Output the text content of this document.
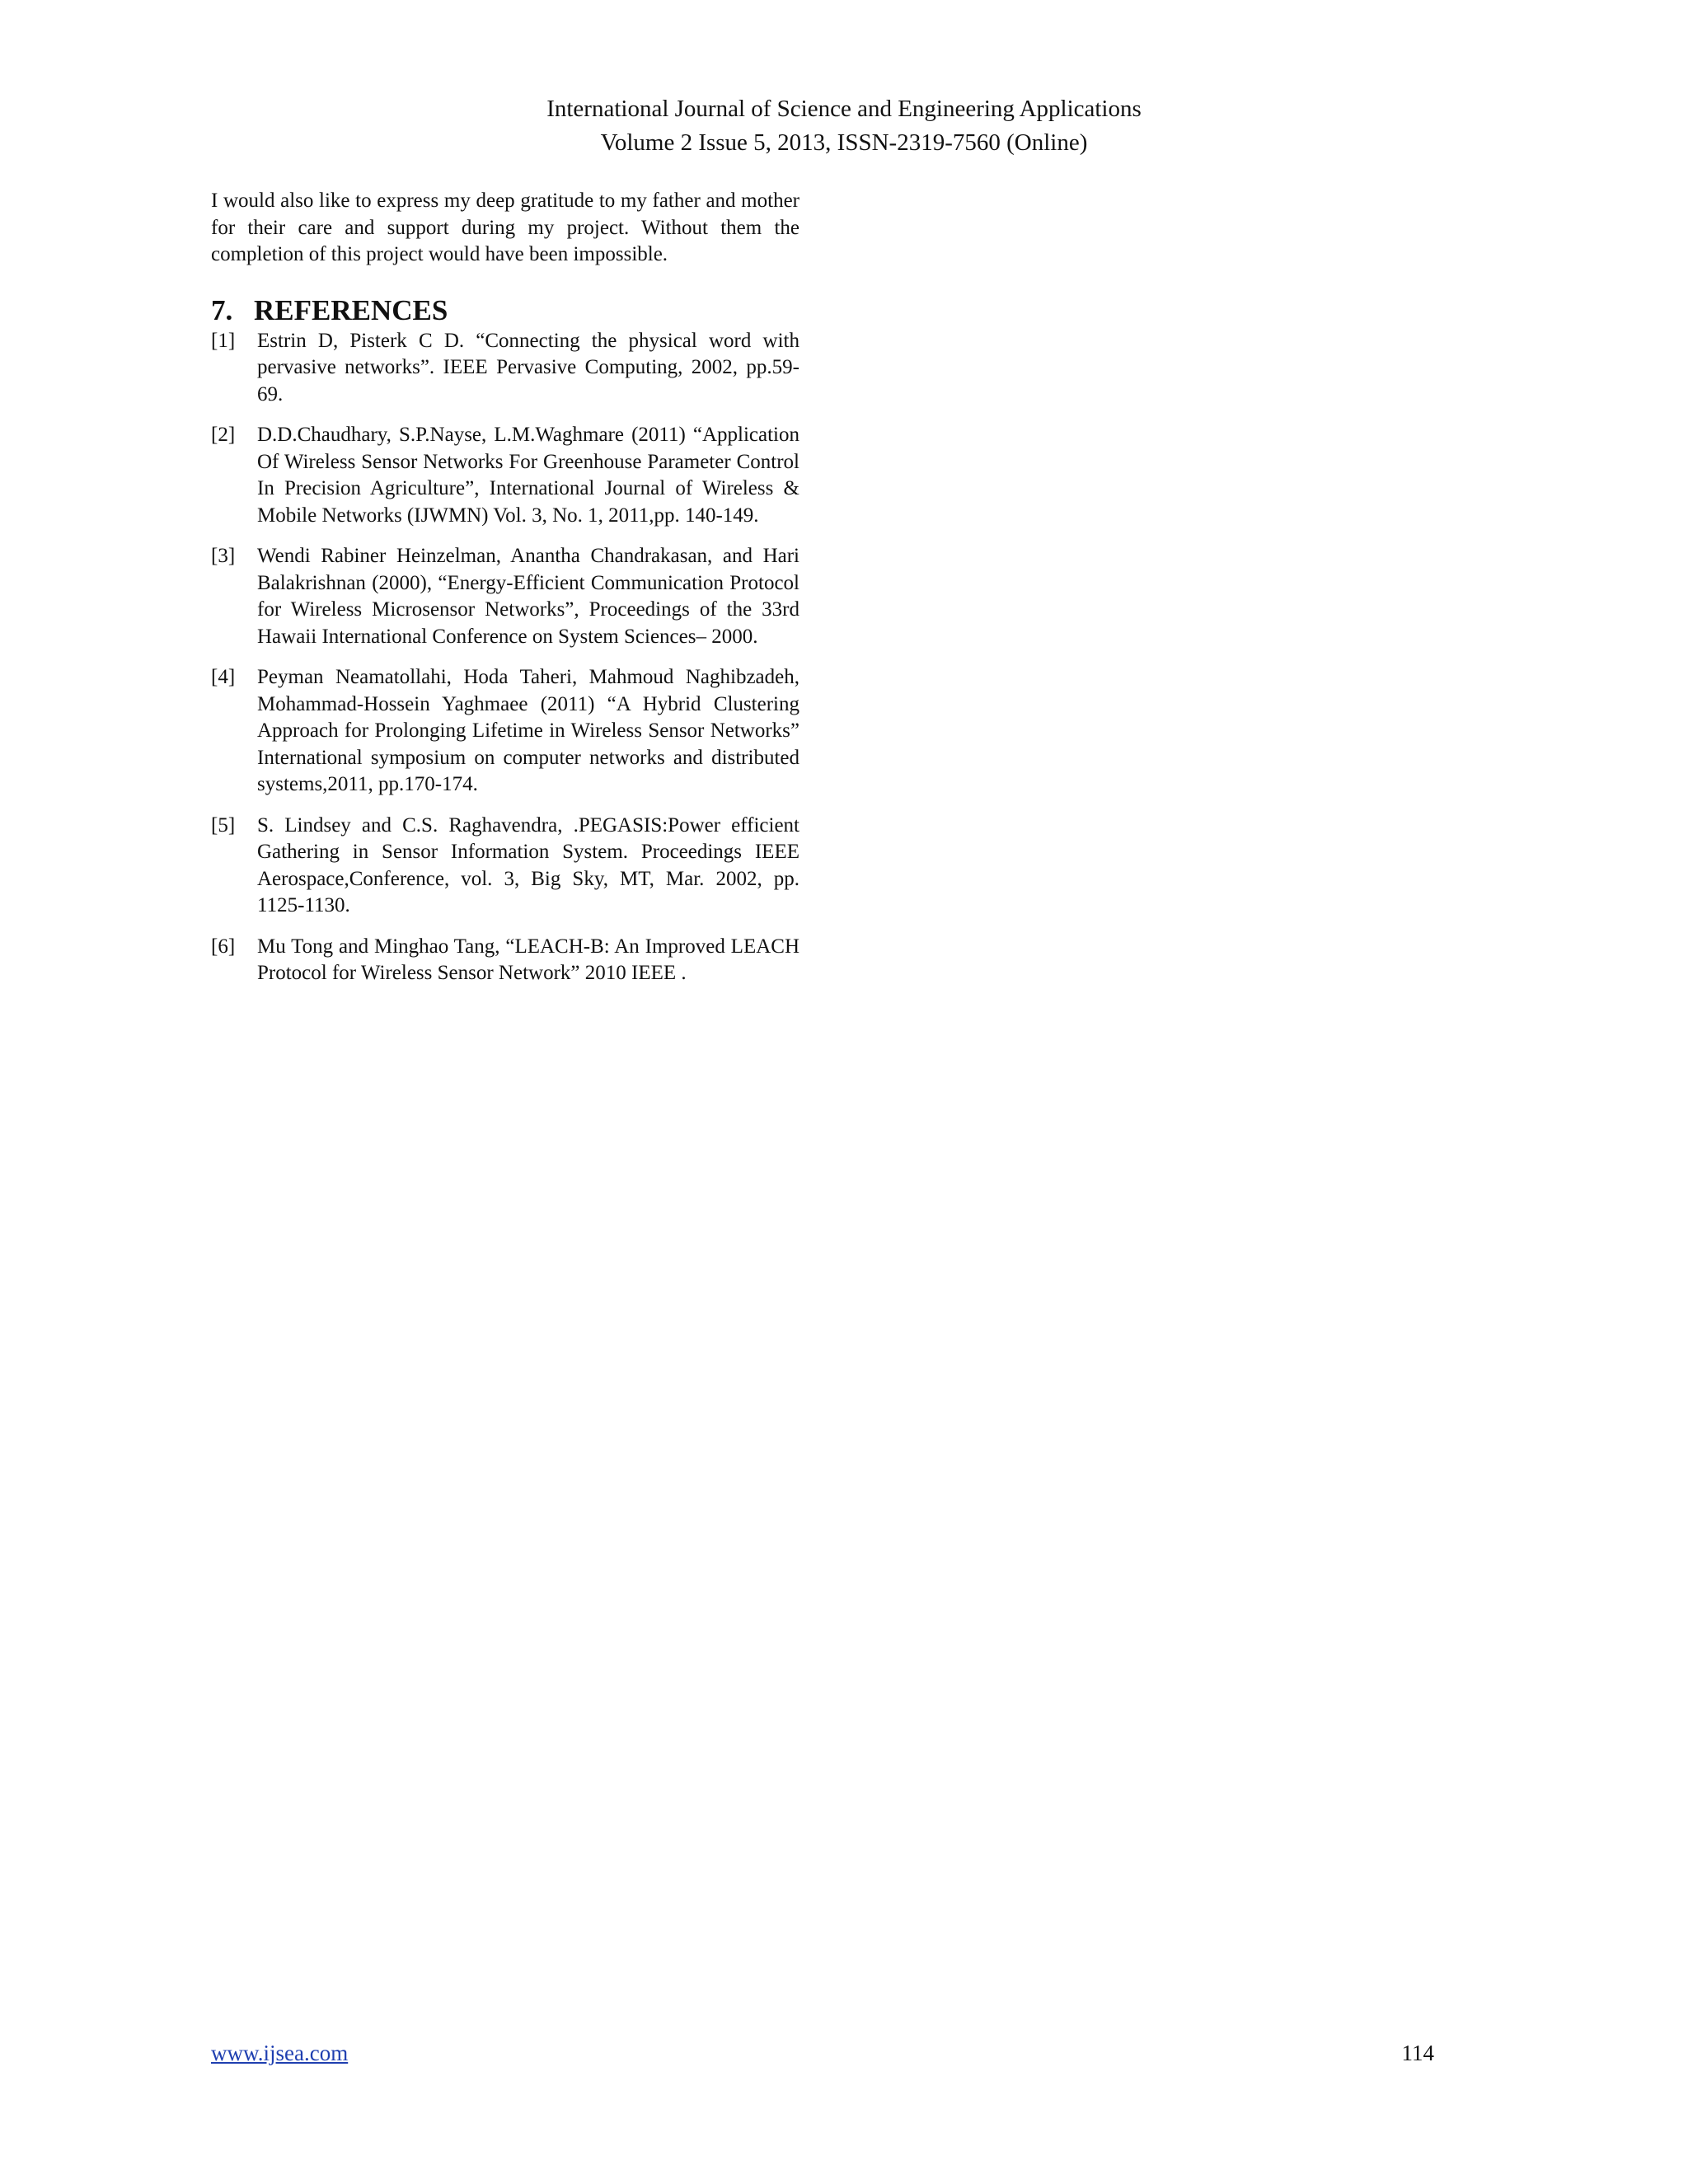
International Journal of Science and Engineering Applications
Volume 2 Issue 5, 2013, ISSN-2319-7560 (Online)

I would also like to express my deep gratitude to my father and mother for their care and support during my project. Without them the completion of this project would have been impossible.

7. REFERENCES
[1]	Estrin D, Pisterk C D. “Connecting the physical word with pervasive networks”. IEEE Pervasive Computing, 2002, pp.59-69.
[2]	D.D.Chaudhary, S.P.Nayse, L.M.Waghmare (2011) “Application Of Wireless Sensor Networks For Greenhouse Parameter Control In Precision Agriculture”, International Journal of Wireless & Mobile Networks (IJWMN) Vol. 3, No. 1, 2011,pp. 140-149.
[3]	Wendi Rabiner Heinzelman, Anantha Chandrakasan, and Hari Balakrishnan (2000), “Energy-Efficient Communication Protocol for Wireless Microsensor Networks”, Proceedings of the 33rd Hawaii International Conference on System Sciences– 2000.
[4]	Peyman Neamatollahi, Hoda Taheri, Mahmoud Naghibzadeh, Mohammad-Hossein Yaghmaee (2011) “A Hybrid Clustering Approach for Prolonging Lifetime in Wireless Sensor Networks” International symposium on computer networks and distributed systems,2011, pp.170-174.
[5]	S. Lindsey and C.S. Raghavendra, .PEGASIS:Power efficient Gathering in Sensor Information System. Proceedings IEEE Aerospace,Conference, vol. 3, Big Sky, MT, Mar. 2002, pp. 1125-1130.
[6]	Mu Tong and Minghao Tang, “LEACH-B: An Improved LEACH Protocol for Wireless Sensor Network” 2010 IEEE .
www.ijsea.com	114
